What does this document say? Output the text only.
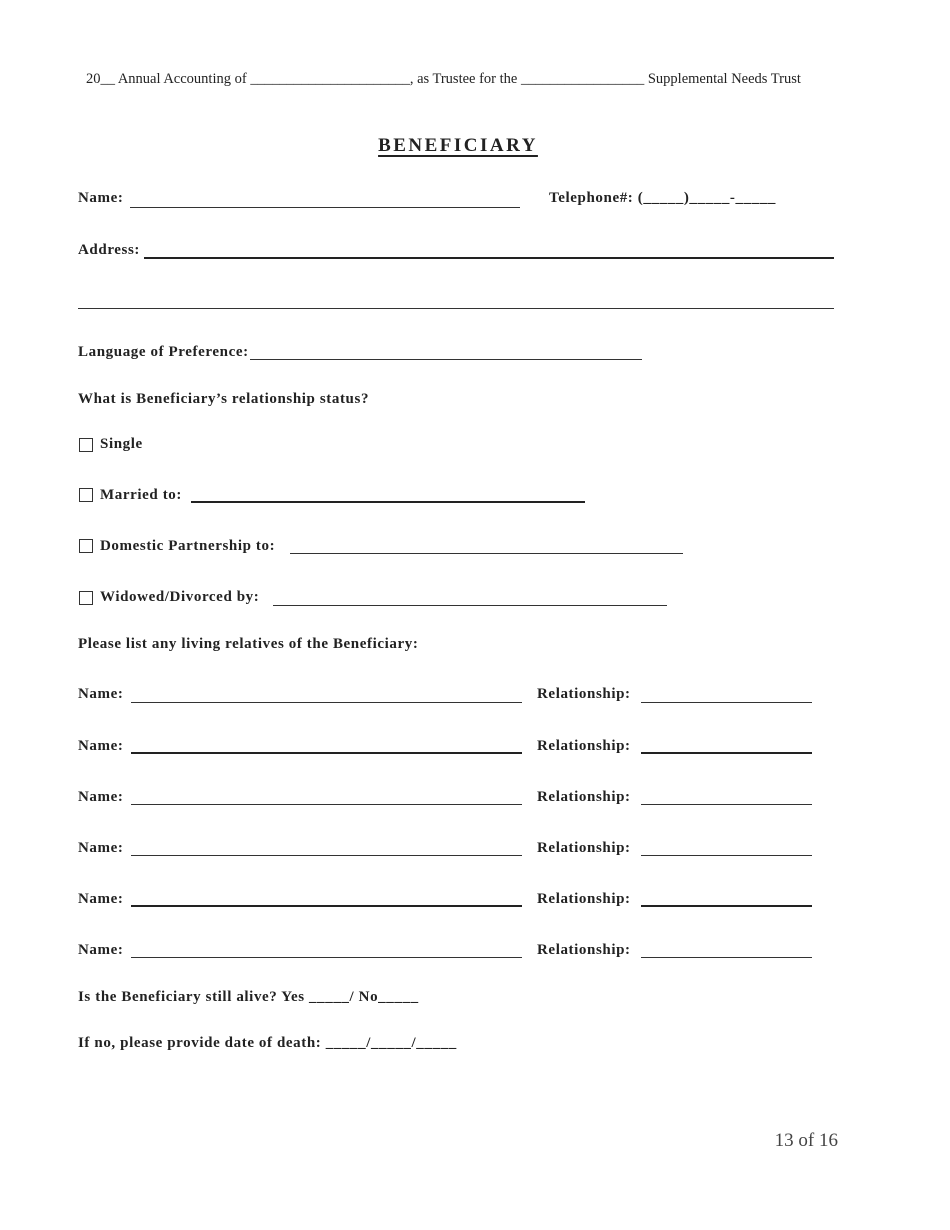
20__ Annual Accounting of ______________________, as Trustee for the _________________ Supplemental Needs Trust
BENEFICIARY
Name:	Telephone#: (_____)_____-_____
Address:
Language of Preference:
What is Beneficiary’s relationship status?
Single
Married to:
Domestic Partnership to:
Widowed/Divorced by:
Please list any living relatives of the Beneficiary:
Name:	Relationship:
Name:	Relationship:
Name:	Relationship:
Name:	Relationship:
Name:	Relationship:
Name:	Relationship:
Is the Beneficiary still alive? Yes _____/ No_____
If no, please provide date of death: _____/_____/_____
13 of 16
